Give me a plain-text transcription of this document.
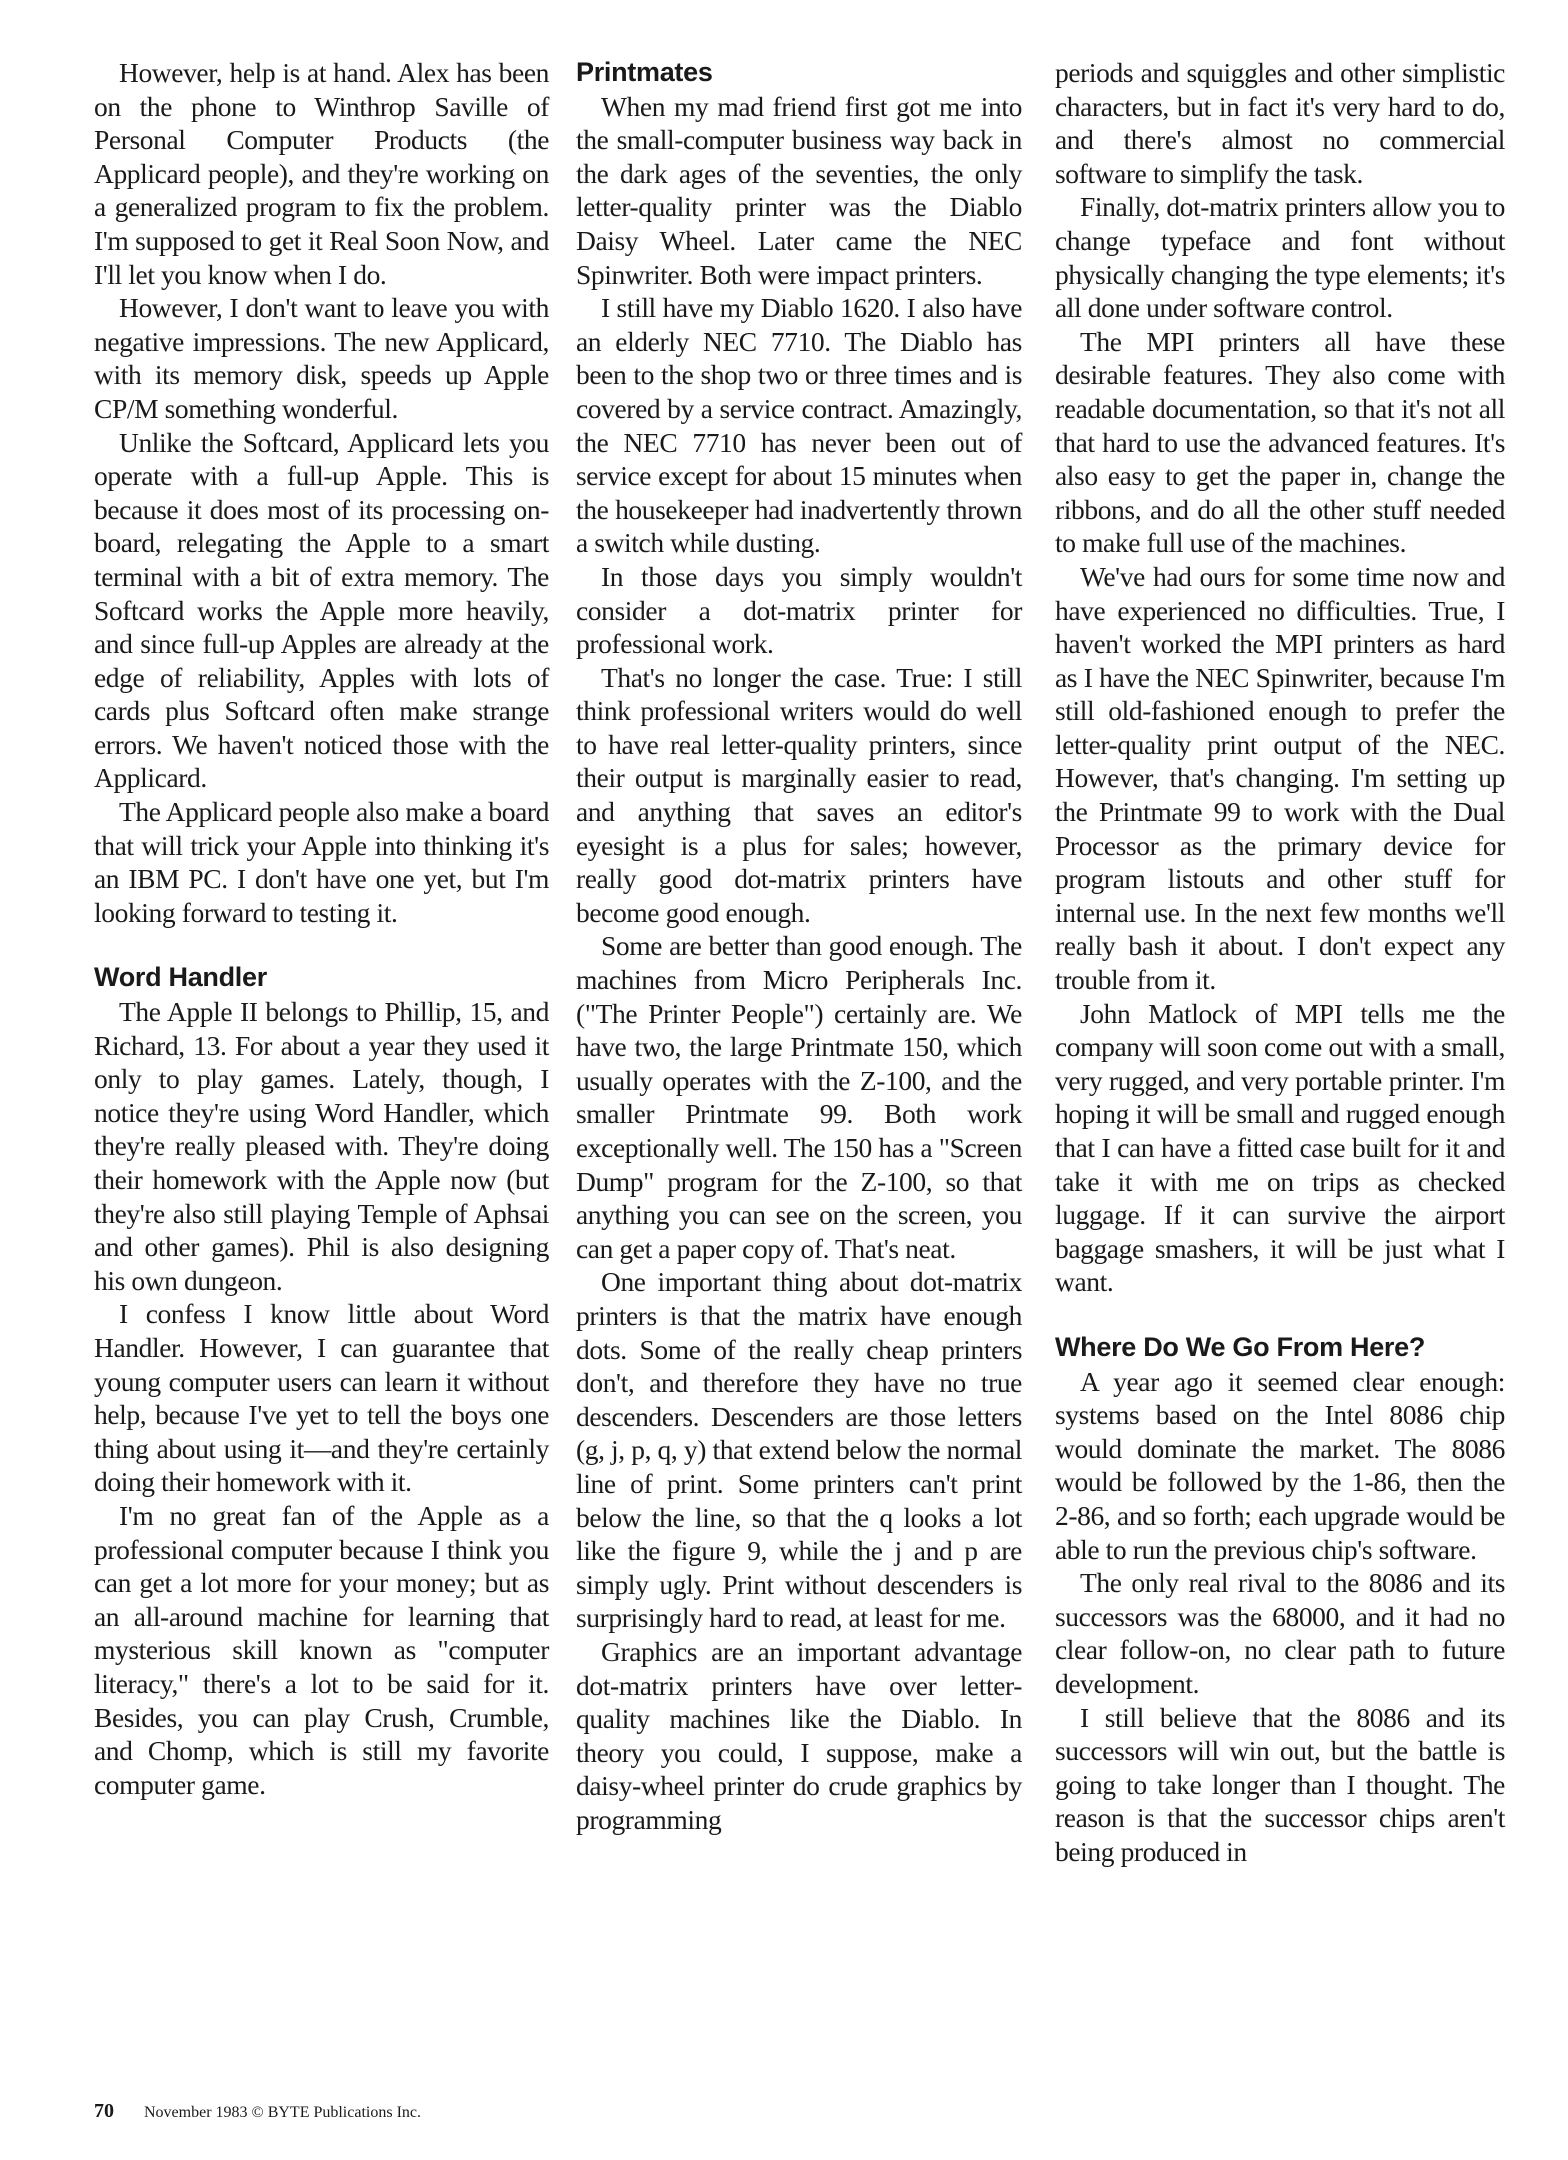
However, help is at hand. Alex has been on the phone to Winthrop Saville of Personal Computer Products (the Applicard people), and they're working on a generalized program to fix the problem. I'm supposed to get it Real Soon Now, and I'll let you know when I do.

However, I don't want to leave you with negative impressions. The new Applicard, with its memory disk, speeds up Apple CP/M something wonderful.

Unlike the Softcard, Applicard lets you operate with a full-up Apple. This is because it does most of its processing on-board, relegating the Apple to a smart terminal with a bit of extra memory. The Softcard works the Apple more heavily, and since full-up Apples are already at the edge of reliability, Apples with lots of cards plus Softcard often make strange errors. We haven't noticed those with the Applicard.

The Applicard people also make a board that will trick your Apple into thinking it's an IBM PC. I don't have one yet, but I'm looking forward to testing it.

Word Handler

The Apple II belongs to Phillip, 15, and Richard, 13. For about a year they used it only to play games. Lately, though, I notice they're using Word Handler, which they're really pleased with. They're doing their homework with the Apple now (but they're also still playing Temple of Aphsai and other games). Phil is also designing his own dungeon.

I confess I know little about Word Handler. However, I can guarantee that young computer users can learn it without help, because I've yet to tell the boys one thing about using it—and they're certainly doing their homework with it.

I'm no great fan of the Apple as a professional computer because I think you can get a lot more for your money; but as an all-around machine for learning that mysterious skill known as "computer literacy," there's a lot to be said for it. Besides, you can play Crush, Crumble, and Chomp, which is still my favorite computer game.

Printmates

When my mad friend first got me into the small-computer business way back in the dark ages of the seventies, the only letter-quality printer was the Diablo Daisy Wheel. Later came the NEC Spinwriter. Both were impact printers.

I still have my Diablo 1620. I also have an elderly NEC 7710. The Diablo has been to the shop two or three times and is covered by a service contract. Amazingly, the NEC 7710 has never been out of service except for about 15 minutes when the housekeeper had inadvertently thrown a switch while dusting.

In those days you simply wouldn't consider a dot-matrix printer for professional work.

That's no longer the case. True: I still think professional writers would do well to have real letter-quality printers, since their output is marginally easier to read, and anything that saves an editor's eyesight is a plus for sales; however, really good dot-matrix printers have become good enough.

Some are better than good enough. The machines from Micro Peripherals Inc. ("The Printer People") certainly are. We have two, the large Printmate 150, which usually operates with the Z-100, and the smaller Printmate 99. Both work exceptionally well. The 150 has a "Screen Dump" program for the Z-100, so that anything you can see on the screen, you can get a paper copy of. That's neat.

One important thing about dot-matrix printers is that the matrix have enough dots. Some of the really cheap printers don't, and therefore they have no true descenders. Descenders are those letters (g, j, p, q, y) that extend below the normal line of print. Some printers can't print below the line, so that the q looks a lot like the figure 9, while the j and p are simply ugly. Print without descenders is surprisingly hard to read, at least for me.

Graphics are an important advantage dot-matrix printers have over letter-quality machines like the Diablo. In theory you could, I suppose, make a daisy-wheel printer do crude graphics by programming

periods and squiggles and other simplistic characters, but in fact it's very hard to do, and there's almost no commercial software to simplify the task.

Finally, dot-matrix printers allow you to change typeface and font without physically changing the type elements; it's all done under software control.

The MPI printers all have these desirable features. They also come with readable documentation, so that it's not all that hard to use the advanced features. It's also easy to get the paper in, change the ribbons, and do all the other stuff needed to make full use of the machines.

We've had ours for some time now and have experienced no difficulties. True, I haven't worked the MPI printers as hard as I have the NEC Spinwriter, because I'm still old-fashioned enough to prefer the letter-quality print output of the NEC. However, that's changing. I'm setting up the Printmate 99 to work with the Dual Processor as the primary device for program listouts and other stuff for internal use. In the next few months we'll really bash it about. I don't expect any trouble from it.

John Matlock of MPI tells me the company will soon come out with a small, very rugged, and very portable printer. I'm hoping it will be small and rugged enough that I can have a fitted case built for it and take it with me on trips as checked luggage. If it can survive the airport baggage smashers, it will be just what I want.

Where Do We Go From Here?

A year ago it seemed clear enough: systems based on the Intel 8086 chip would dominate the market. The 8086 would be followed by the 1-86, then the 2-86, and so forth; each upgrade would be able to run the previous chip's software.

The only real rival to the 8086 and its successors was the 68000, and it had no clear follow-on, no clear path to future development.

I still believe that the 8086 and its successors will win out, but the battle is going to take longer than I thought. The reason is that the successor chips aren't being produced in

70 November 1983 © BYTE Publications Inc.
